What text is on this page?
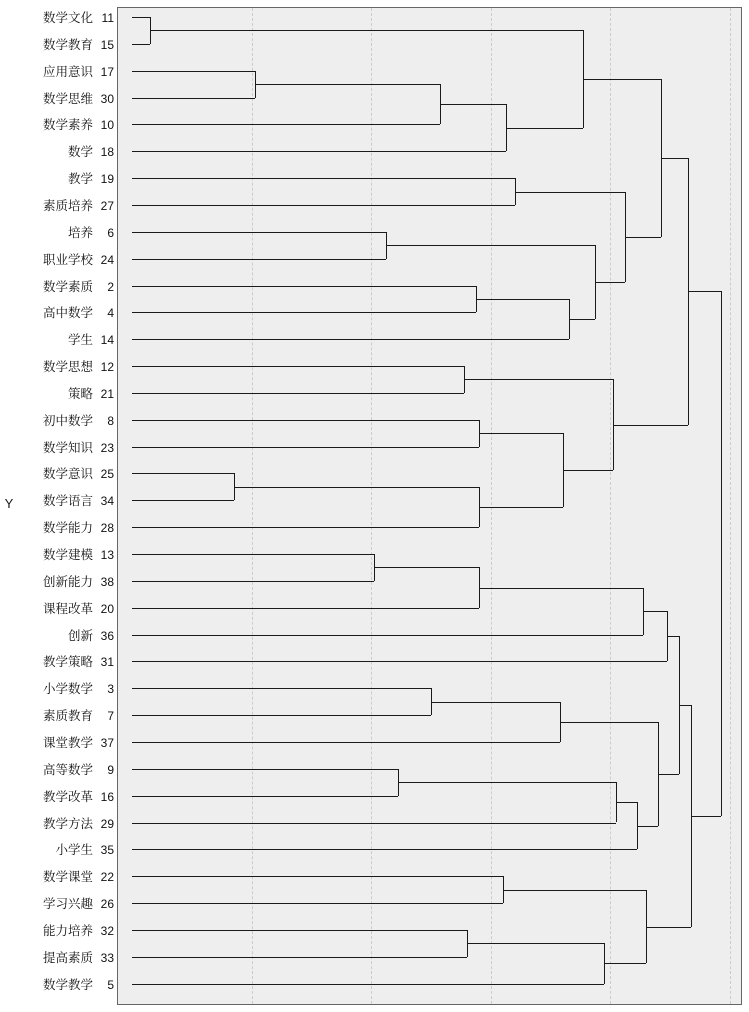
Y
数学文化 11
数学教育 15
应用意识 17
数学思维 30
数学素养 10
数学 18
教学 19
素质培养 27
培养	6
职业学校 24
数学素质	2
高中数学	4
学生 14
数学思想 12
策略 21
初中数学	8
数学知识 23
数学意识 25
数学语言 34
数学能力 28
数学建模 13
创新能力 38
课程改革 20
创新 36
教学策略 31
小学数学	3
素质教育	7
课堂教学 37
高等数学	9
教学改革 16
教学方法 29
小学生 35
数学课堂 22
学习兴趣 26
能力培养 32
提高素质 33
数学教学	5
